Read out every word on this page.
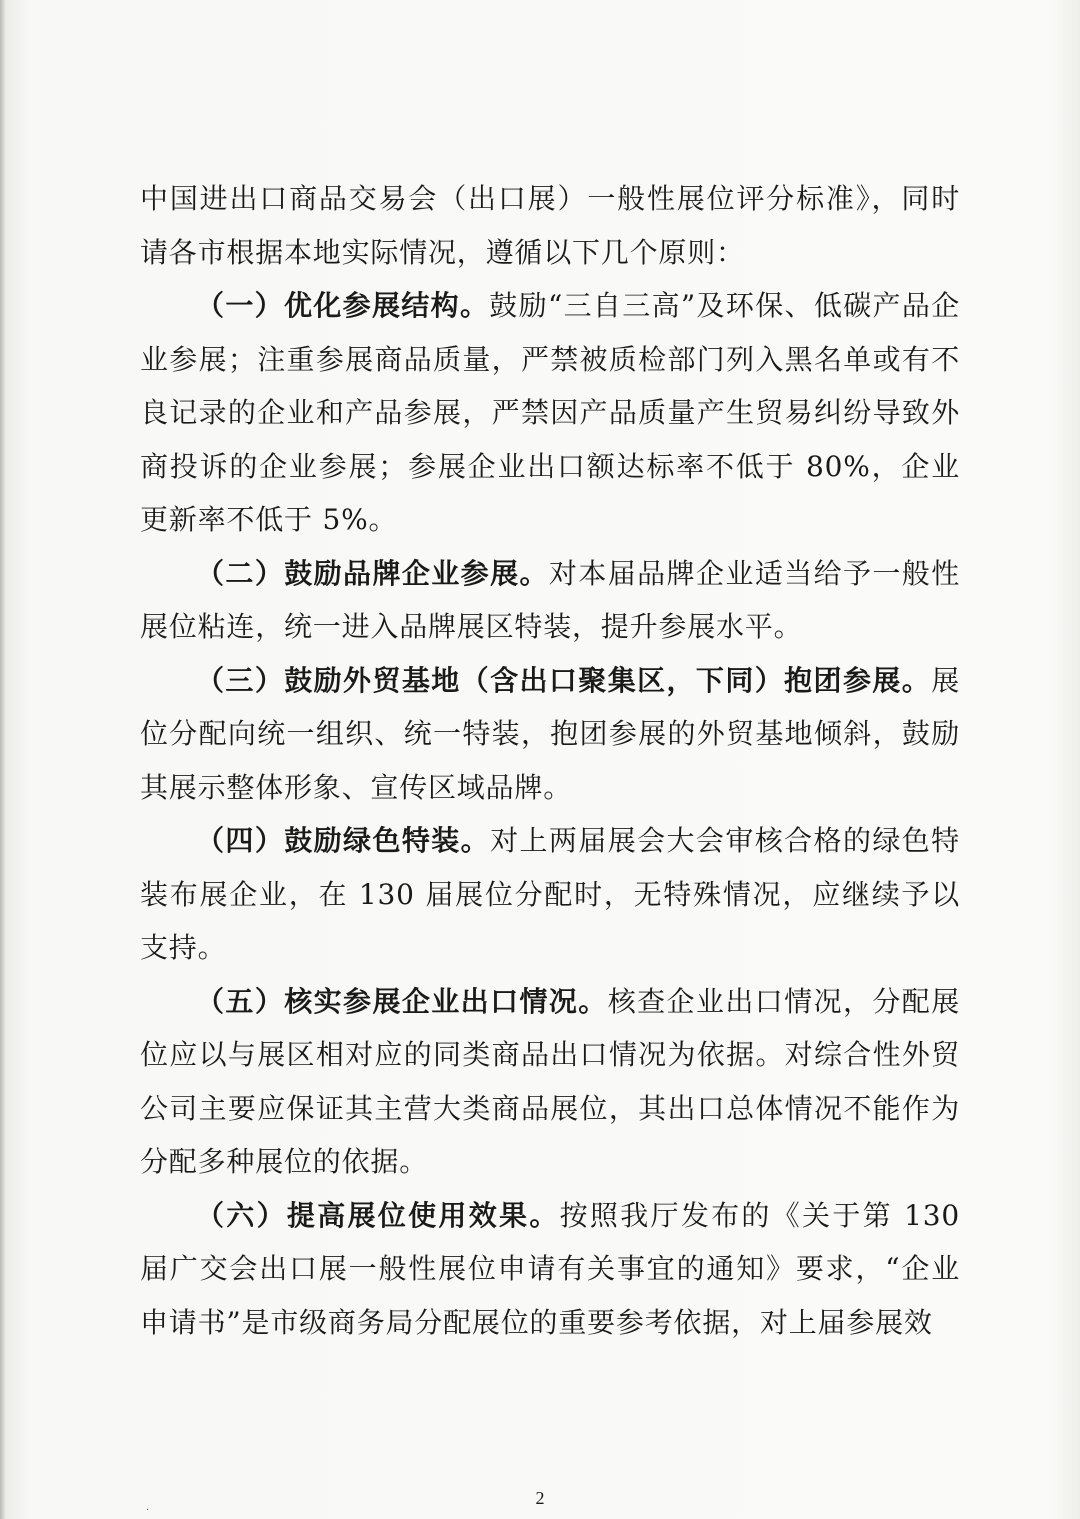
中国进出口商品交易会（出口展）一般性展位评分标准》，同时请各市根据本地实际情况，遵循以下几个原则：

（一）优化参展结构。鼓励“三自三高”及环保、低碳产品企业参展；注重参展商品质量，严禁被质检部门列入黑名单或有不良记录的企业和产品参展，严禁因产品质量产生贸易纠纷导致外商投诉的企业参展；参展企业出口额达标率不低于 80%，企业更新率不低于 5%。

（二）鼓励品牌企业参展。对本届品牌企业适当给予一般性展位粘连，统一进入品牌展区特装，提升参展水平。

（三）鼓励外贸基地（含出口聚集区，下同）抱团参展。展位分配向统一组织、统一特装，抱团参展的外贸基地倾斜，鼓励其展示整体形象、宣传区域品牌。

（四）鼓励绿色特装。对上两届展会大会审核合格的绿色特装布展企业，在 130 届展位分配时，无特殊情况，应继续予以支持。

（五）核实参展企业出口情况。核查企业出口情况，分配展位应以与展区相对应的同类商品出口情况为依据。对综合性外贸公司主要应保证其主营大类商品展位，其出口总体情况不能作为分配多种展位的依据。

（六）提高展位使用效果。按照我厅发布的《关于第 130 届广交会出口展一般性展位申请有关事宜的通知》要求，“企业申请书”是市级商务局分配展位的重要参考依据，对上届参展效

2
·
